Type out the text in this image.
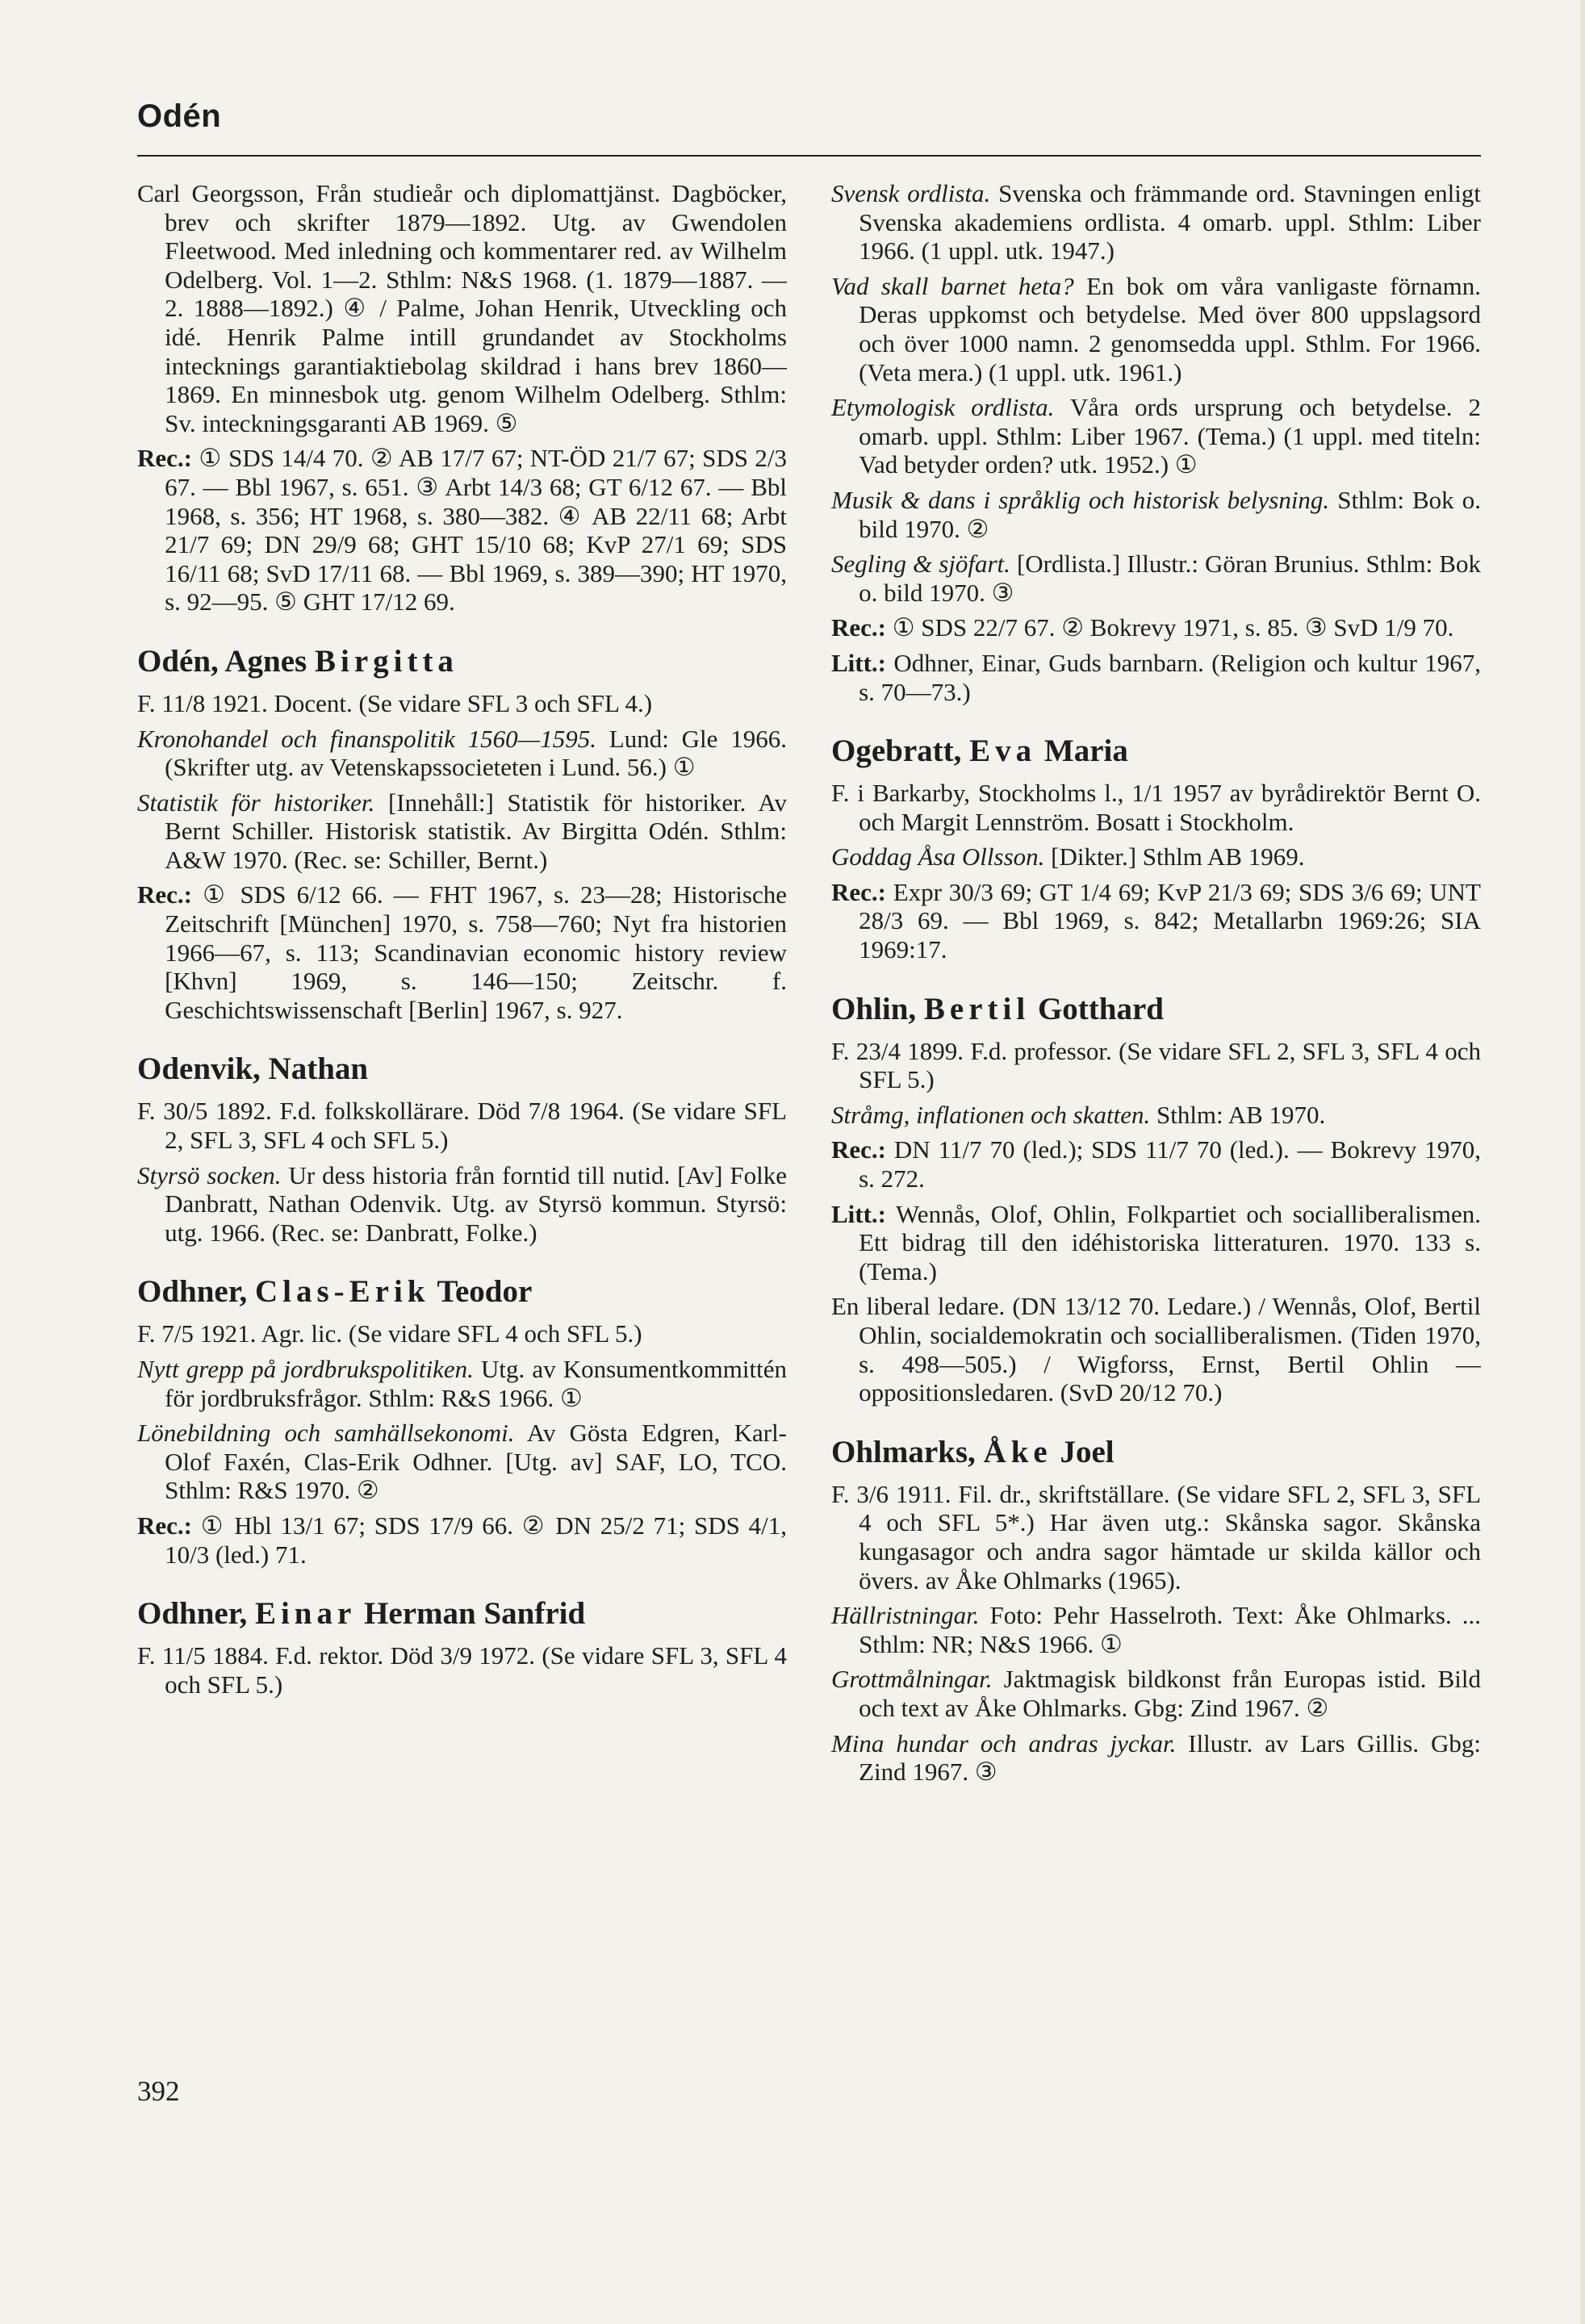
Odén
Carl Georgsson, Från studieår och diplomattjänst. Dagböcker, brev och skrifter 1879—1892. Utg. av Gwendolen Fleetwood. Med inledning och kommentarer red. av Wilhelm Odelberg. Vol. 1—2. Sthlm: N&S 1968. (1. 1879—1887. — 2. 1888—1892.) ④ / Palme, Johan Henrik, Utveckling och idé. Henrik Palme intill grundandet av Stockholms intecknings garantiaktiebolag skildrad i hans brev 1860—1869. En minnesbok utg. genom Wilhelm Odelberg. Sthlm: Sv. inteckningsgaranti AB 1969. ⑤
Rec.: ① SDS 14/4 70. ② AB 17/7 67; NT-ÖD 21/7 67; SDS 2/3 67. — Bbl 1967, s. 651. ③ Arbt 14/3 68; GT 6/12 67. — Bbl 1968, s. 356; HT 1968, s. 380—382. ④ AB 22/11 68; Arbt 21/7 69; DN 29/9 68; GHT 15/10 68; KvP 27/1 69; SDS 16/11 68; SvD 17/11 68. — Bbl 1969, s. 389—390; HT 1970, s. 92—95. ⑤ GHT 17/12 69.
Odén, Agnes Birgitta
F. 11/8 1921. Docent. (Se vidare SFL 3 och SFL 4.)
Kronohandel och finanspolitik 1560—1595. Lund: Gle 1966. (Skrifter utg. av Vetenskapssocieteten i Lund. 56.) ①
Statistik för historiker. [Innehåll:] Statistik för historiker. Av Bernt Schiller. Historisk statistik. Av Birgitta Odén. Sthlm: A&W 1970. (Rec. se: Schiller, Bernt.)
Rec.: ① SDS 6/12 66. — FHT 1967, s. 23—28; Historische Zeitschrift [München] 1970, s. 758—760; Nyt fra historien 1966—67, s. 113; Scandinavian economic history review [Khvn] 1969, s. 146—150; Zeitschr. f. Geschichtswissenschaft [Berlin] 1967, s. 927.
Odenvik, Nathan
F. 30/5 1892. F.d. folkskollärare. Död 7/8 1964. (Se vidare SFL 2, SFL 3, SFL 4 och SFL 5.)
Styrsö socken. Ur dess historia från forntid till nutid. [Av] Folke Danbratt, Nathan Odenvik. Utg. av Styrsö kommun. Styrsö: utg. 1966. (Rec. se: Danbratt, Folke.)
Odhner, Clas-Erik Teodor
F. 7/5 1921. Agr. lic. (Se vidare SFL 4 och SFL 5.)
Nytt grepp på jordbrukspolitiken. Utg. av Konsumentkommittén för jordbruksfrågor. Sthlm: R&S 1966. ①
Lönebildning och samhällsekonomi. Av Gösta Edgren, Karl-Olof Faxén, Clas-Erik Odhner. [Utg. av] SAF, LO, TCO. Sthlm: R&S 1970. ②
Rec.: ① Hbl 13/1 67; SDS 17/9 66. ② DN 25/2 71; SDS 4/1, 10/3 (led.) 71.
Odhner, Einar Herman Sanfrid
F. 11/5 1884. F.d. rektor. Död 3/9 1972. (Se vidare SFL 3, SFL 4 och SFL 5.)
Svensk ordlista. Svenska och främmande ord. Stavningen enligt Svenska akademiens ordlista. 4 omarb. uppl. Sthlm: Liber 1966. (1 uppl. utk. 1947.)
Vad skall barnet heta? En bok om våra vanligaste förnamn. Deras uppkomst och betydelse. Med över 800 uppslagsord och över 1000 namn. 2 genomsedda uppl. Sthlm. For 1966. (Veta mera.) (1 uppl. utk. 1961.)
Etymologisk ordlista. Våra ords ursprung och betydelse. 2 omarb. uppl. Sthlm: Liber 1967. (Tema.) (1 uppl. med titeln: Vad betyder orden? utk. 1952.) ①
Musik & dans i språklig och historisk belysning. Sthlm: Bok o. bild 1970. ②
Segling & sjöfart. [Ordlista.] Illustr.: Göran Brunius. Sthlm: Bok o. bild 1970. ③
Rec.: ① SDS 22/7 67. ② Bokrevy 1971, s. 85. ③ SvD 1/9 70.
Litt.: Odhner, Einar, Guds barnbarn. (Religion och kultur 1967, s. 70—73.)
Ogebratt, Eva Maria
F. i Barkarby, Stockholms l., 1/1 1957 av byrådirektör Bernt O. och Margit Lennström. Bosatt i Stockholm.
Goddag Åsa Ollsson. [Dikter.] Sthlm AB 1969.
Rec.: Expr 30/3 69; GT 1/4 69; KvP 21/3 69; SDS 3/6 69; UNT 28/3 69. — Bbl 1969, s. 842; Metallarbn 1969:26; SIA 1969:17.
Ohlin, Bertil Gotthard
F. 23/4 1899. F.d. professor. (Se vidare SFL 2, SFL 3, SFL 4 och SFL 5.)
Stråmg, inflationen och skatten. Sthlm: AB 1970.
Rec.: DN 11/7 70 (led.); SDS 11/7 70 (led.). — Bokrevy 1970, s. 272.
Litt.: Wennås, Olof, Ohlin, Folkpartiet och socialliberalismen. Ett bidrag till den idéhistoriska litteraturen. 1970. 133 s. (Tema.)
En liberal ledare. (DN 13/12 70. Ledare.) / Wennås, Olof, Bertil Ohlin, socialdemokratin och socialliberalismen. (Tiden 1970, s. 498—505.) / Wigforss, Ernst, Bertil Ohlin — oppositionsledaren. (SvD 20/12 70.)
Ohlmarks, Åke Joel
F. 3/6 1911. Fil. dr., skriftställare. (Se vidare SFL 2, SFL 3, SFL 4 och SFL 5*.) Har även utg.: Skånska sagor. Skånska kungasagor och andra sagor hämtade ur skilda källor och övers. av Åke Ohlmarks (1965).
Hällristningar. Foto: Pehr Hasselroth. Text: Åke Ohlmarks. ... Sthlm: NR; N&S 1966. ①
Grottmålningar. Jaktmagisk bildkonst från Europas istid. Bild och text av Åke Ohlmarks. Gbg: Zind 1967. ②
Mina hundar och andras jyckar. Illustr. av Lars Gillis. Gbg: Zind 1967. ③
392
